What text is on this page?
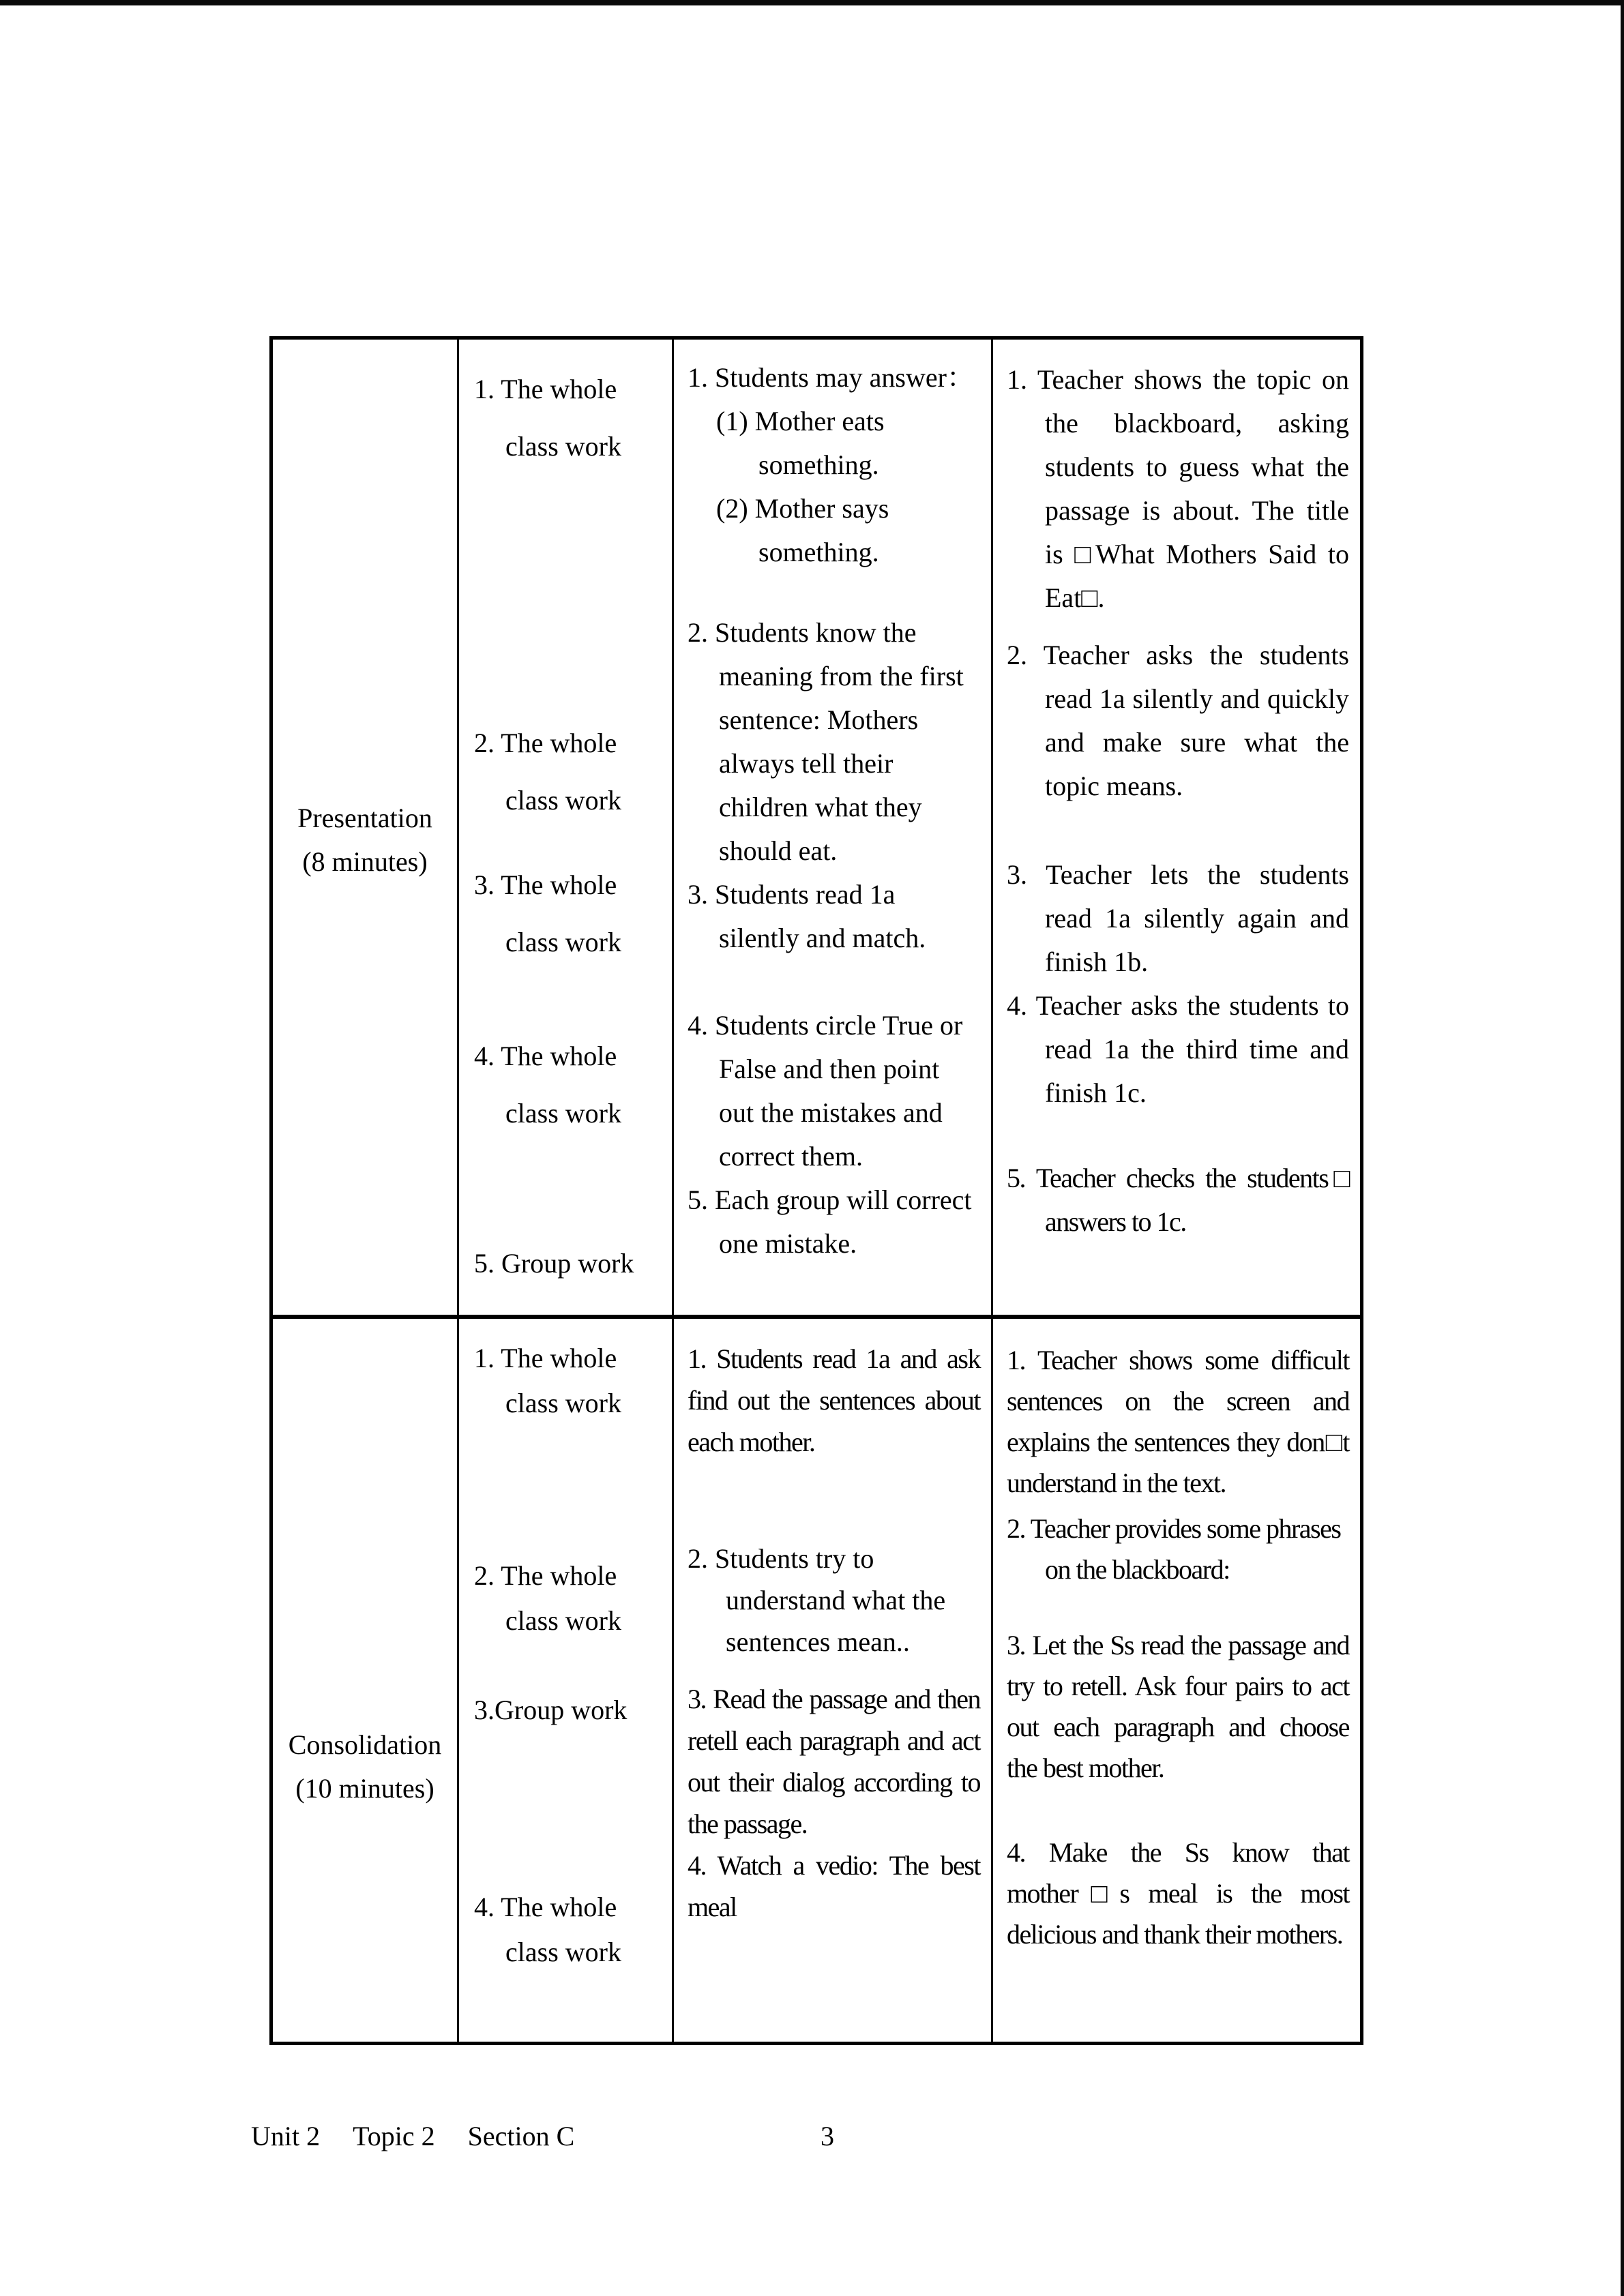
Presentation

(8 minutes)

1. The whole class work

2. The whole class work

3. The whole class work

4. The whole class work

5. Group work

1. Students may answer：

(1) Mother eats something.

(2) Mother says something.

2. Students know the meaning from the first sentence: Mothers always tell their children what they should eat.

3. Students read 1a silently and match.

4. Students circle True or False and then point out the mistakes and correct them.

5. Each group will correct one mistake.

1. Teacher shows the topic on the blackboard, asking students to guess what the passage is about. The title is □What Mothers Said to Eat□.

2. Teacher asks the students read 1a silently and quickly and make sure what the topic means.

3. Teacher lets the students read 1a silently again and finish 1b.

4. Teacher asks the students to read 1a the third time and finish 1c.

5. Teacher checks the students□ answers to 1c.

Consolidation

(10 minutes)

1. The whole class work

2. The whole class work

3.Group work

4. The whole class work

1. Students read 1a and ask find out the sentences about each mother.

2. Students try to understand what the sentences mean..

3. Read the passage and then retell each paragraph and act out their dialog according to the passage.

4. Watch a vedio: The best meal

1. Teacher shows some difficult sentences on the screen and explains the sentences they don□t understand in the text.

2. Teacher provides some phrases on the blackboard:

3. Let the Ss read the passage and try to retell. Ask four pairs to act out each paragraph and choose the best mother.

4. Make the Ss know that mother□s meal is the most delicious and thank their mothers.

Unit 2 Topic 2 Section C	3
